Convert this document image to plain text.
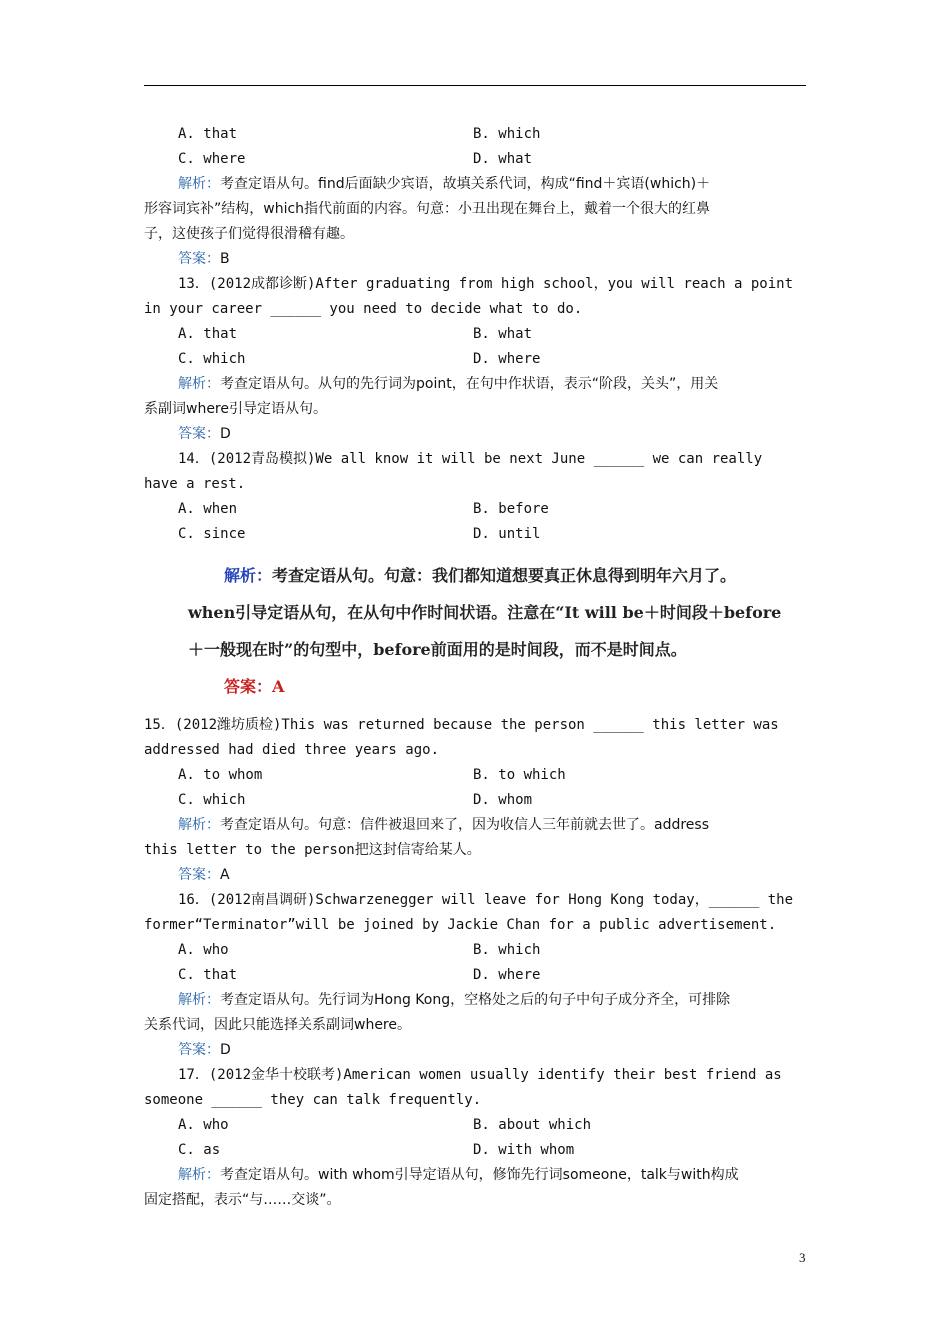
A. that	B. which
C. where	D. what
解析：考查定语从句。find后面缺少宾语，故填关系代词，构成“find＋宾语(which)＋
形容词宾补”结构，which指代前面的内容。句意：小丑出现在舞台上，戴着一个很大的红鼻
子，这使孩子们觉得很滑稽有趣。
答案：B
13．(2012成都诊断)After graduating from high school，you will reach a point
in your career ______ you need to decide what to do.
A. that	B. what
C. which	D. where
解析：考查定语从句。从句的先行词为point，在句中作状语，表示“阶段，关头”，用关
系副词where引导定语从句。
答案：D
14．(2012青岛模拟)We all know it will be next June ______ we can really
have a rest.
A. when	B. before
C. since	D. until
解析：考查定语从句。句意：我们都知道想要真正休息得到明年六月了。
when引导定语从句，在从句中作时间状语。注意在“It will be＋时间段＋before
＋一般现在时”的句型中，before前面用的是时间段，而不是时间点。
答案：A
15．(2012潍坊质检)This was returned because the person ______ this letter was
addressed had died three years ago.
A. to whom	B. to which
C. which	D. whom
解析：考查定语从句。句意：信件被退回来了，因为收信人三年前就去世了。address
this letter to the person把这封信寄给某人。
答案：A
16．(2012南昌调研)Schwarzenegger will leave for Hong Kong today，______ the
former“Terminator”will be joined by Jackie Chan for a public advertisement.
A. who	B. which
C. that	D. where
解析：考查定语从句。先行词为Hong Kong，空格处之后的句子中句子成分齐全，可排除
关系代词，因此只能选择关系副词where。
答案：D
17．(2012金华十校联考)American women usually identify their best friend as
someone ______ they can talk frequently.
A. who	B. about which
C. as	D. with whom
解析：考查定语从句。with whom引导定语从句，修饰先行词someone，talk与with构成
固定搭配，表示“与……交谈”。
3
